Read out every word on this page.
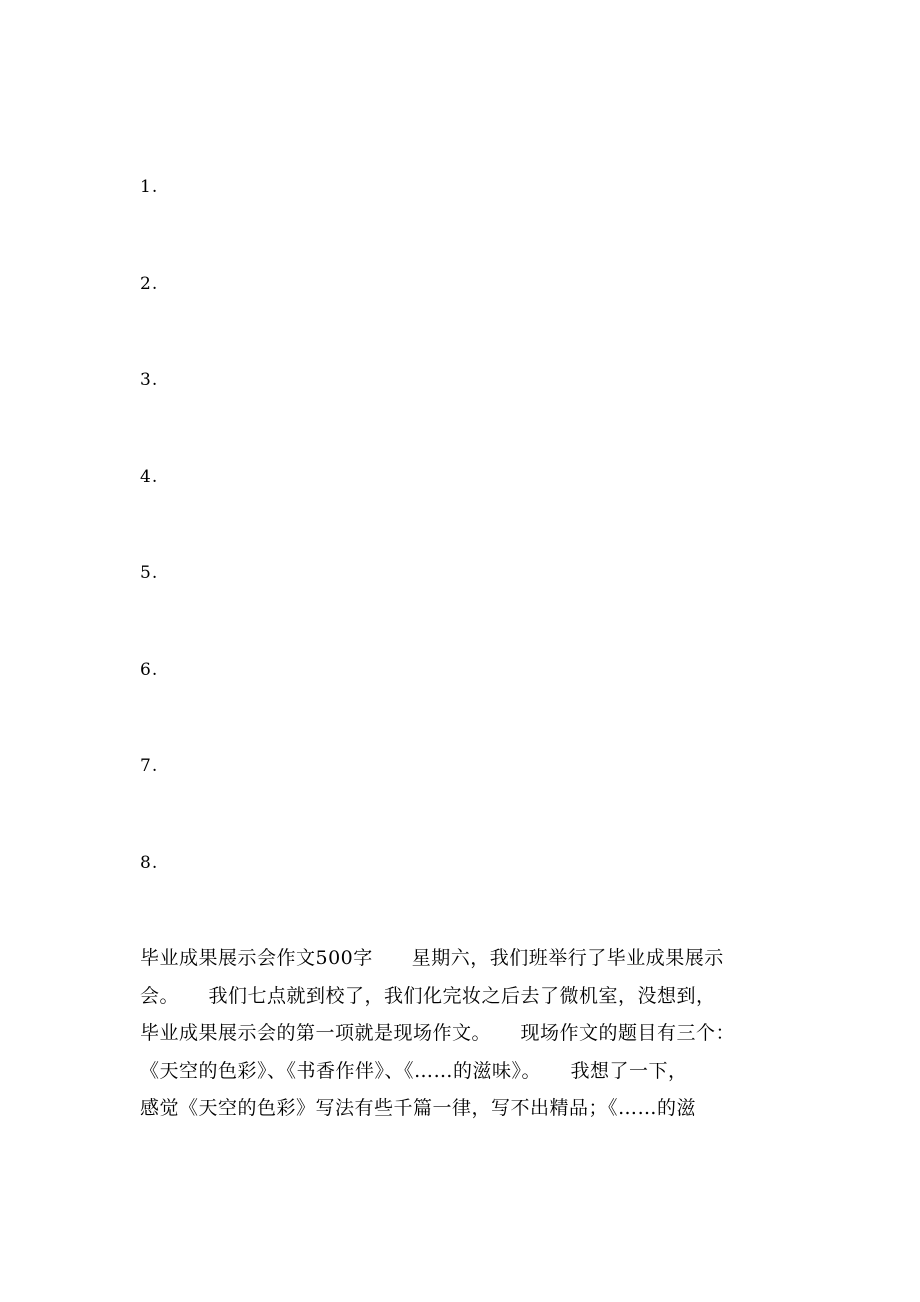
1.
2.
3.
4.
5.
6.
7.
8.
毕业成果展示会作文500字　　星期六，我们班举行了毕业成果展示
会。　　我们七点就到校了，我们化完妆之后去了微机室，没想到，
毕业成果展示会的第一项就是现场作文。　　现场作文的题目有三个：
《天空的色彩》、《书香作伴》、《……的滋味》。　　我想了一下，
感觉《天空的色彩》写法有些千篇一律，写不出精品；《……的滋
